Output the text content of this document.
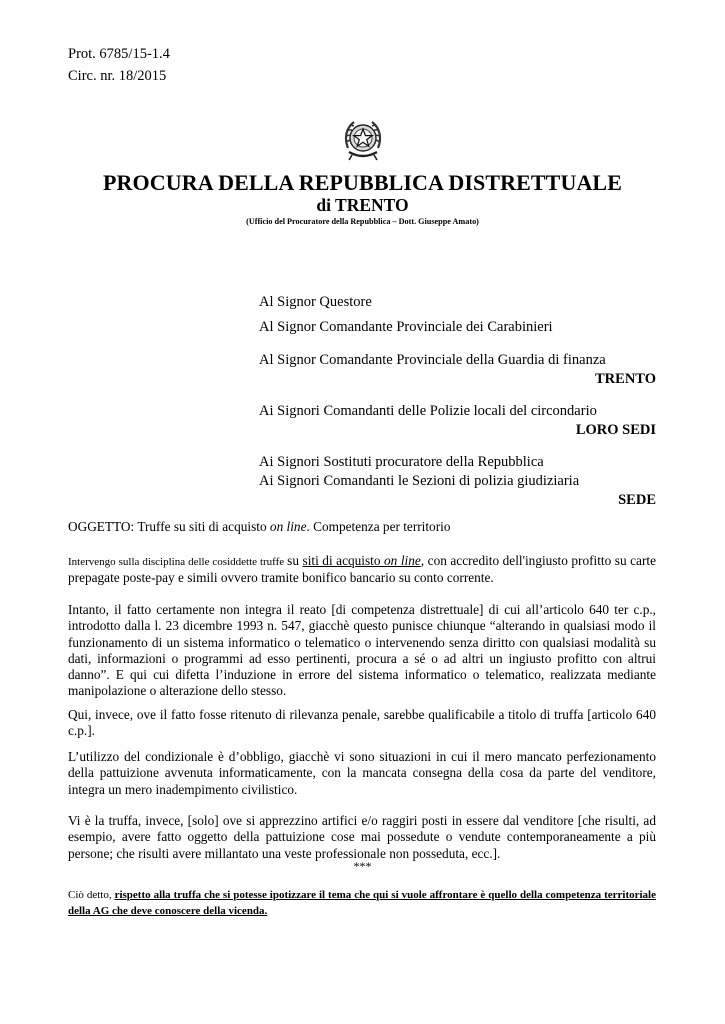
Prot. 6785/15-1.4
Circ. nr. 18/2015
PROCURA DELLA REPUBBLICA DISTRETTUALE
di TRENTO
(Ufficio del Procuratore della Repubblica – Dott. Giuseppe Amato)
Al Signor Questore
Al Signor Comandante Provinciale dei Carabinieri
Al Signor Comandante Provinciale della Guardia di finanza
TRENTO
Ai Signori Comandanti delle Polizie locali del circondario
LORO SEDI
Ai Signori Sostituti procuratore della Repubblica
Ai Signori Comandanti le Sezioni di polizia giudiziaria
SEDE
OGGETTO: Truffe su siti di acquisto on line. Competenza per territorio
Intervengo sulla disciplina delle cosiddette truffe su siti di acquisto on line, con accredito dell'ingiusto profitto su carte prepagate poste-pay e simili ovvero tramite bonifico bancario su conto corrente.
Intanto, il fatto certamente non integra il reato [di competenza distrettuale] di cui all’articolo 640 ter c.p., introdotto dalla l. 23 dicembre 1993 n. 547, giacchè questo punisce chiunque “alterando in qualsiasi modo il funzionamento di un sistema informatico o telematico o intervenendo senza diritto con qualsiasi modalità su dati, informazioni o programmi ad esso pertinenti, procura a sé o ad altri un ingiusto profitto con altrui danno”. E qui cui difetta l’induzione in errore del sistema informatico o telematico, realizzata mediante manipolazione o alterazione dello stesso.
Qui, invece, ove il fatto fosse ritenuto di rilevanza penale, sarebbe qualificabile a titolo di truffa [articolo 640 c.p.].
L’utilizzo del condizionale è d’obbligo, giacchè vi sono situazioni in cui il mero mancato perfezionamento della pattuizione avvenuta informaticamente, con la mancata consegna della cosa da parte del venditore, integra un mero inadempimento civilistico.
Vi è la truffa, invece, [solo] ove si apprezzino artifici e/o raggiri posti in essere dal venditore [che risulti, ad esempio, avere fatto oggetto della pattuizione cose mai possedute o vendute contemporaneamente a più persone; che risulti avere millantato una veste professionale non posseduta, ecc.].
***
Ciò detto, rispetto alla truffa che si potesse ipotizzare il tema che qui si vuole affrontare è quello della competenza territoriale della AG che deve conoscere della vicenda.
